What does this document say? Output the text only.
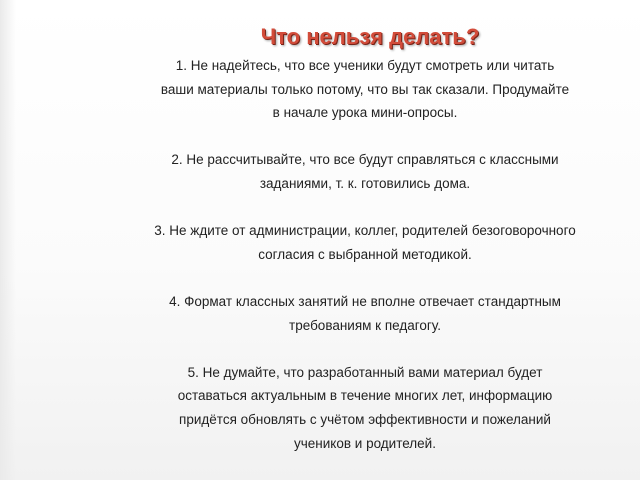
Что нельзя делать?

1. Не надейтесь, что все ученики будут смотреть или читать
ваши материалы только потому, что вы так сказали. Продумайте
в начале урока мини-опросы.

2. Не рассчитывайте, что все будут справляться с классными
заданиями, т. к. готовились дома.

3. Не ждите от администрации, коллег, родителей безоговорочного
согласия с выбранной методикой.

4. Формат классных занятий не вполне отвечает стандартным
требованиям к педагогу.

5. Не думайте, что разработанный вами материал будет
оставаться актуальным в течение многих лет, информацию
придётся обновлять с учётом эффективности и пожеланий
учеников и родителей.
